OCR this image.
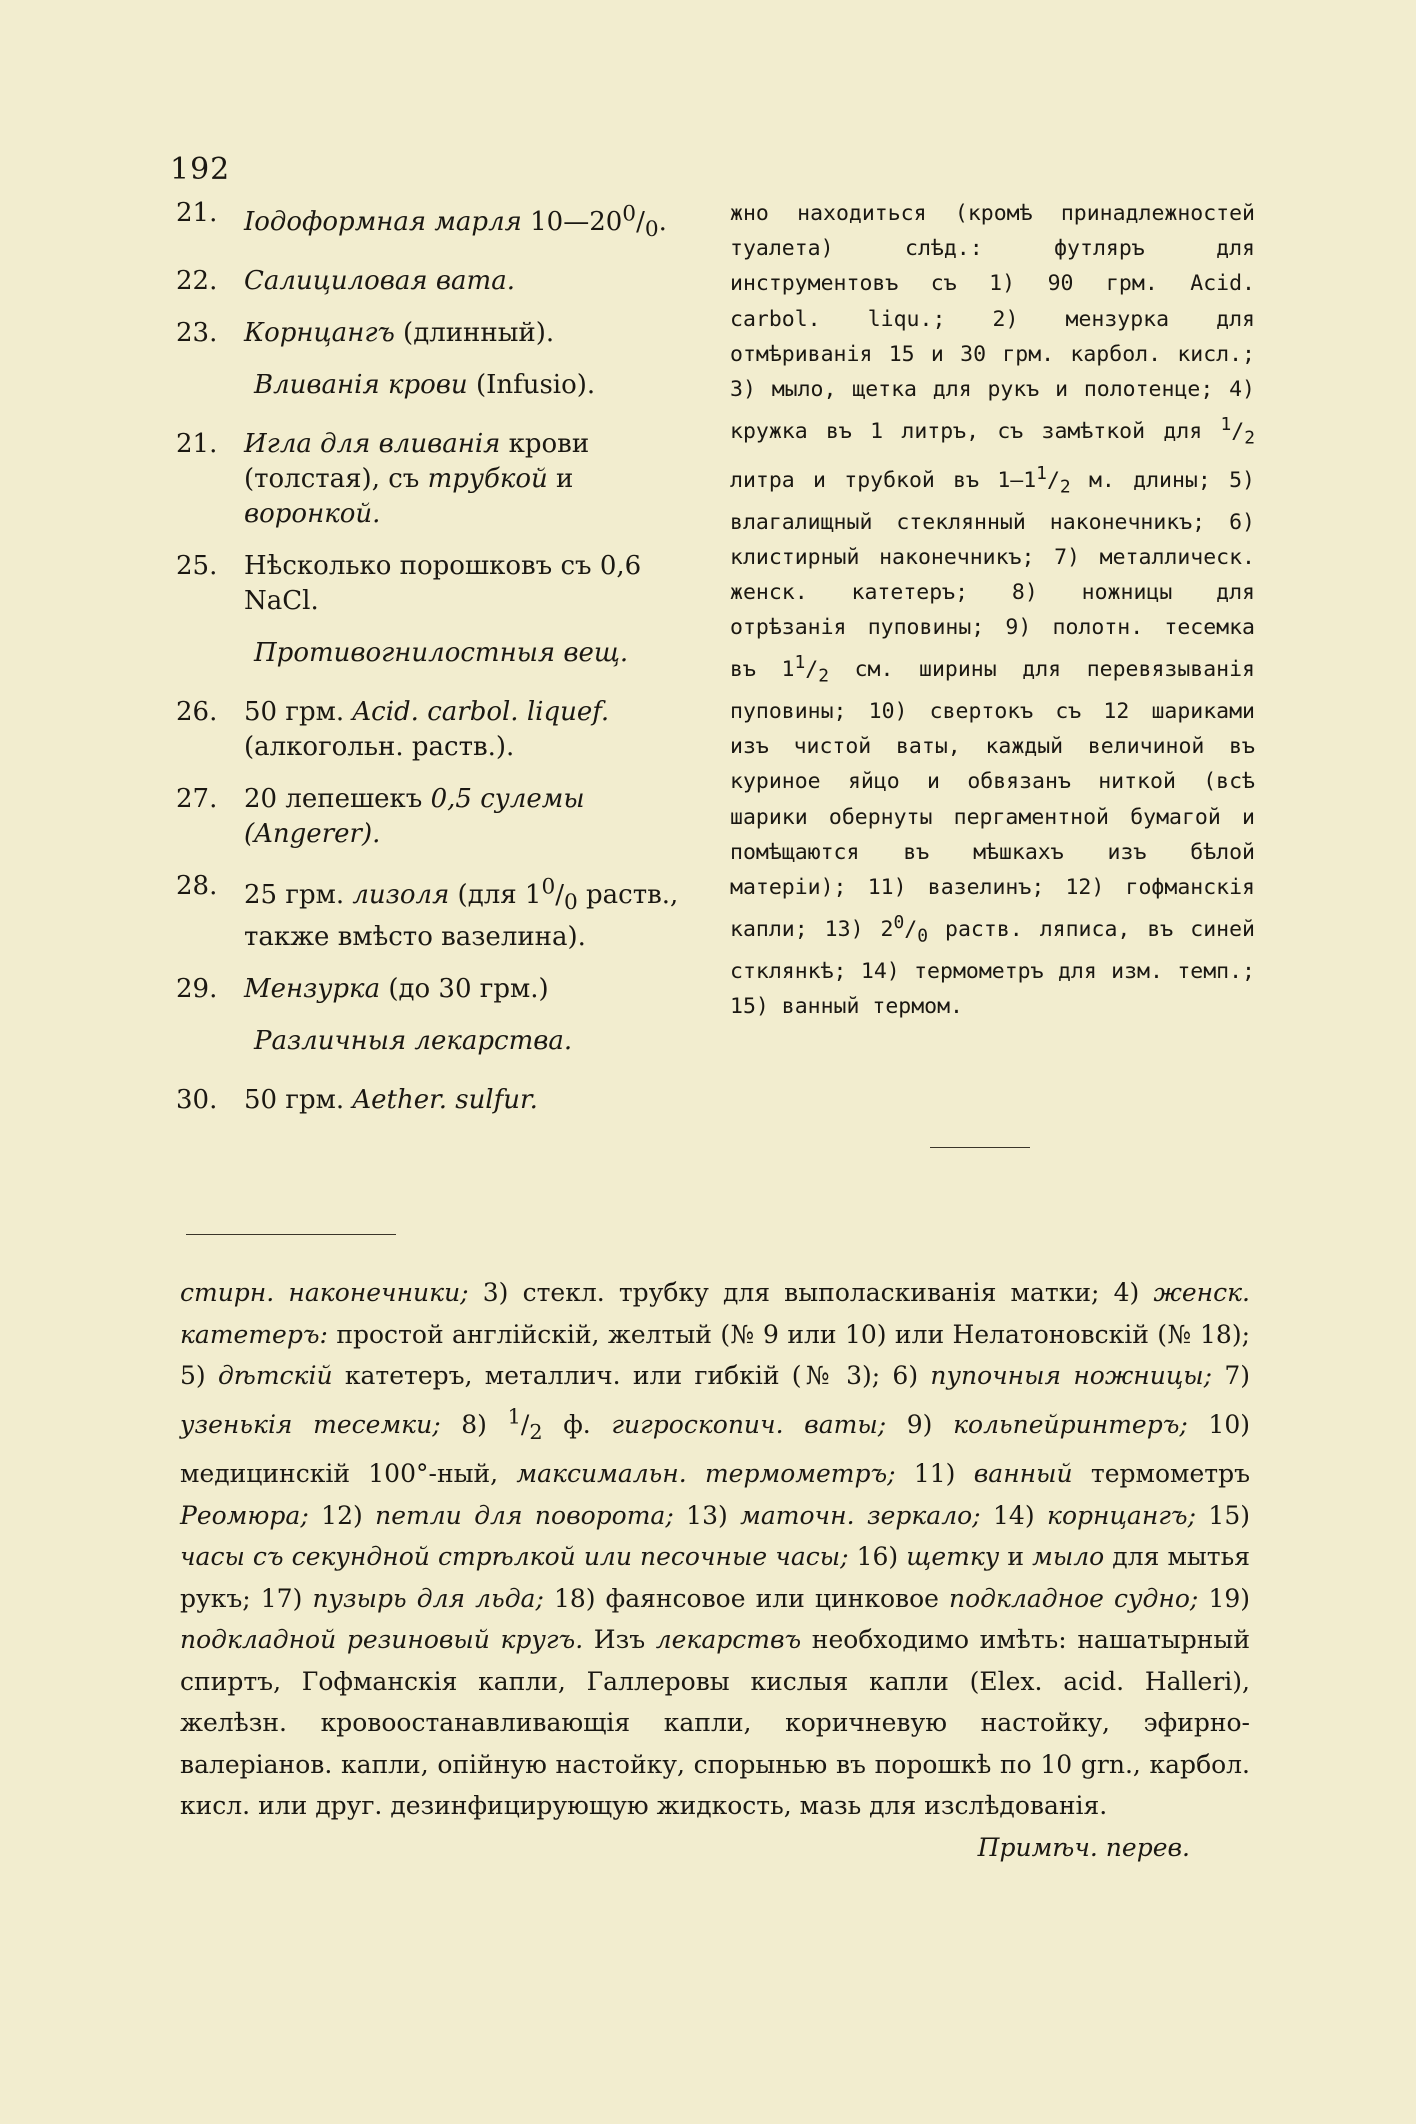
192
21. Iодоформная марля $10—20^0/_0$.
22. Салициловая вата.
23. Корнцангъ (длинный).
Вливанія крови (Infusio).
21. Игла для вливанія крови (толстая), съ трубкой и воронкой.
25. Нѣсколько порошковъ съ 0,6 NaCl.
Противогнилостныя вещ.
26. 50 грм. Acid. carbol. liquef. (алкогольн. раств.).
27. 20 лепешекъ 0,5 сулемы (Angerer).
28. 25 грм. лизоля (для $1^0/_0$ раств., также вмѣсто вазелина).
29. Мензурка (до 30 грм.)
Различныя лекарства.
30. 50 грм. Aether. sulfur.

жно находиться (кромѣ принадлежностей туалета) слѣд.: футляръ для инструментовъ съ 1) 90 грм. Acid. carbol. liqu.; 2) мензурка для отмѣриванія 15 и 30 грм. карбол. кисл.; 3) мыло, щетка для рукъ и полотенце; 4) кружка въ 1 литръ, съ замѣткой для $^1/_2$ литра и трубкой въ $1—1^1/_2$ м. длины; 5) влагалищный стеклянный наконечникъ; 6) клистирный наконечникъ; 7) металлическ. женск. катетеръ; 8) ножницы для отрѣзанія пуповины; 9) полотн. тесемка въ $1^1/_2$ см. ширины для перевязыванія пуповины; 10) свертокъ съ 12 шариками изъ чистой ваты, каждый величиной въ куриное яйцо и обвязанъ ниткой (всѣ шарики обернуты пергаментной бумагой и помѣщаются въ мѣшкахъ изъ бѣлой матеріи); 11) вазелинъ; 12) гофманскія капли; 13) $2^0/_0$ раств. ляписа, въ синей стклянкѣ; 14) термометръ для изм. темп.; 15) ванный термом.

стирн. наконечники; 3) стекл. трубку для выполаскиванія матки; 4) женск. катетеръ: простой англійскій, желтый (№ 9 или 10) или Нелатоновскій (№ 18); 5) дѣтскій катетеръ, металлич. или гибкій (№ 3); 6) пупочныя ножницы; 7) узенькія тесемки; 8) $^1/_2$ ф. гигроскопич. ваты; 9) кольпейринтеръ; 10) медицинскій 100°-ный, максимальн. термометръ; 11) ванный термометръ Реомюра; 12) петли для поворота; 13) маточн. зеркало; 14) корнцангъ; 15) часы съ секундной стрѣлкой или песочные часы; 16) щетку и мыло для мытья рукъ; 17) пузырь для льда; 18) фаянсовое или цинковое подкладное судно; 19) подкладной резиновый кругъ. Изъ лекарствъ необходимо имѣть: нашатырный спиртъ, Гофманскія капли, Галлеровы кислыя капли (Elex. acid. Halleri), желѣзн. кровоостанавливающія капли, коричневую настойку, эфирно-валеріанов. капли, опійную настойку, спорынью въ порошкѣ по 10 grn., карбол. кисл. или друг. дезинфицирующую жидкость, мазь для изслѣдованія.
Примѣч. перев.
